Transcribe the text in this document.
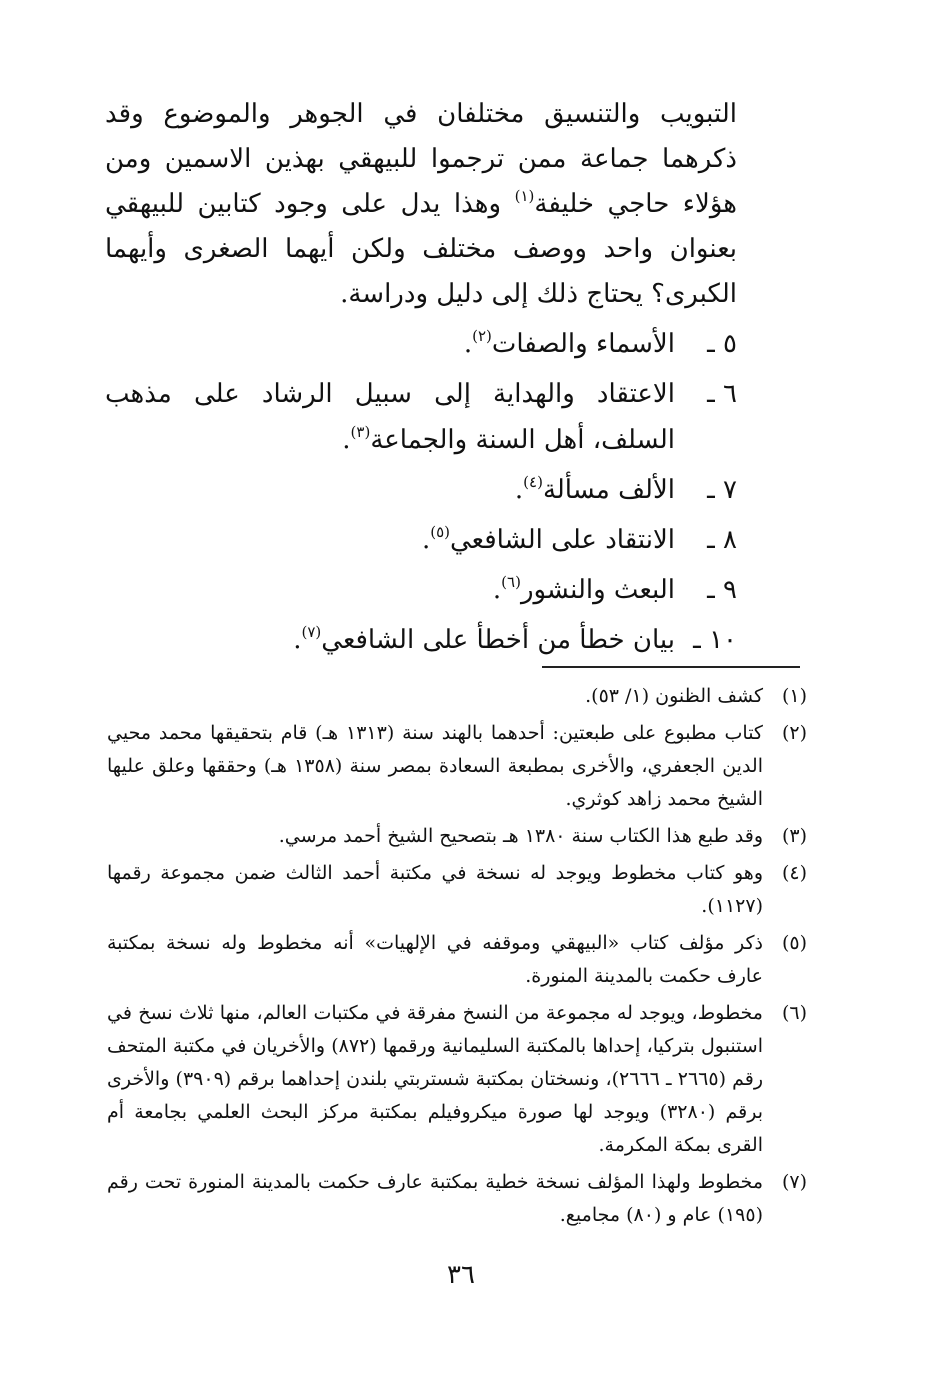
التبويب والتنسيق مختلفان في الجوهر والموضوع وقد ذكرهما جماعة ممن ترجموا للبيهقي بهذين الاسمين ومن هؤلاء حاجي خليفة$^{(١)}$ وهذا يدل على وجود كتابين للبيهقي بعنوان واحد ووصف مختلف ولكن أيهما الصغرى وأيهما الكبرى؟ يحتاج ذلك إلى دليل ودراسة.

٥ ـ
الأسماء والصفات$^{(٢)}$.
٦ ـ
الاعتقاد والهداية إلى سبيل الرشاد على مذهب السلف، أهل السنة والجماعة$^{(٣)}$.
٧ ـ
الألف مسألة$^{(٤)}$.
٨ ـ
الانتقاد على الشافعي$^{(٥)}$.
٩ ـ
البعث والنشور$^{(٦)}$.
١٠ ـ
بيان خطأ من أخطأ على الشافعي$^{(٧)}$.
(١)
كشف الظنون (١/ ٥٣).
(٢)
كتاب مطبوع على طبعتين: أحدهما بالهند سنة (١٣١٣ هـ) قام بتحقيقها محمد محيي الدين الجعفري، والأخرى بمطبعة السعادة بمصر سنة (١٣٥٨ هـ) وحققها وعلق عليها الشيخ محمد زاهد كوثري.
(٣)
وقد طبع هذا الكتاب سنة ١٣٨٠ هـ بتصحيح الشيخ أحمد مرسي.
(٤)
وهو كتاب مخطوط ويوجد له نسخة في مكتبة أحمد الثالث ضمن مجموعة رقمها (١١٢٧).
(٥)
ذكر مؤلف كتاب «البيهقي وموقفه في الإلهيات» أنه مخطوط وله نسخة بمكتبة عارف حكمت بالمدينة المنورة.
(٦)
مخطوط، ويوجد له مجموعة من النسخ مفرقة في مكتبات العالم، منها ثلاث نسخ في استنبول بتركيا، إحداها بالمكتبة السليمانية ورقمها (٨٧٢) والأخريان في مكتبة المتحف رقم (٢٦٦٥ ـ ٢٦٦٦)، ونسختان بمكتبة شستربتي بلندن إحداهما برقم (٣٩٠٩) والأخرى برقم (٣٢٨٠) ويوجد لها صورة ميكروفيلم بمكتبة مركز البحث العلمي بجامعة أم القرى بمكة المكرمة.
(٧)
مخطوط ولهذا المؤلف نسخة خطية بمكتبة عارف حكمت بالمدينة المنورة تحت رقم (١٩٥) عام و (٨٠) مجاميع.
٣٦
